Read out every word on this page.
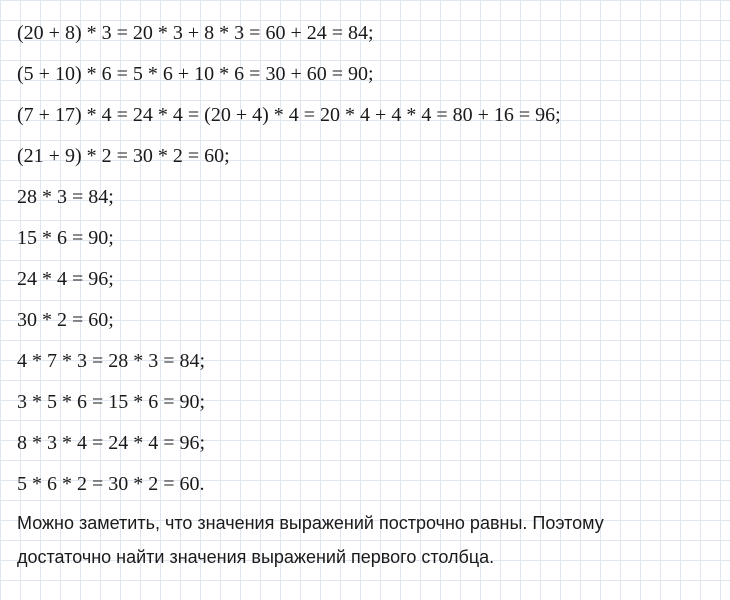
(20 + 8) * 3 = 20 * 3 + 8 * 3 = 60 + 24 = 84;
(5 + 10) * 6 = 5 * 6 + 10 * 6 = 30 + 60 = 90;
(7 + 17) * 4 = 24 * 4 = (20 + 4) * 4 = 20 * 4 + 4 * 4 = 80 + 16 = 96;
(21 + 9) * 2 = 30 * 2 = 60;
28 * 3 = 84;
15 * 6 = 90;
24 * 4 = 96;
30 * 2 = 60;
4 * 7 * 3 = 28 * 3 = 84;
3 * 5 * 6 = 15 * 6 = 90;
8 * 3 * 4 = 24 * 4 = 96;
5 * 6 * 2 = 30 * 2 = 60.
Можно заметить, что значения выражений построчно равны. Поэтому
достаточно найти значения выражений первого столбца.
